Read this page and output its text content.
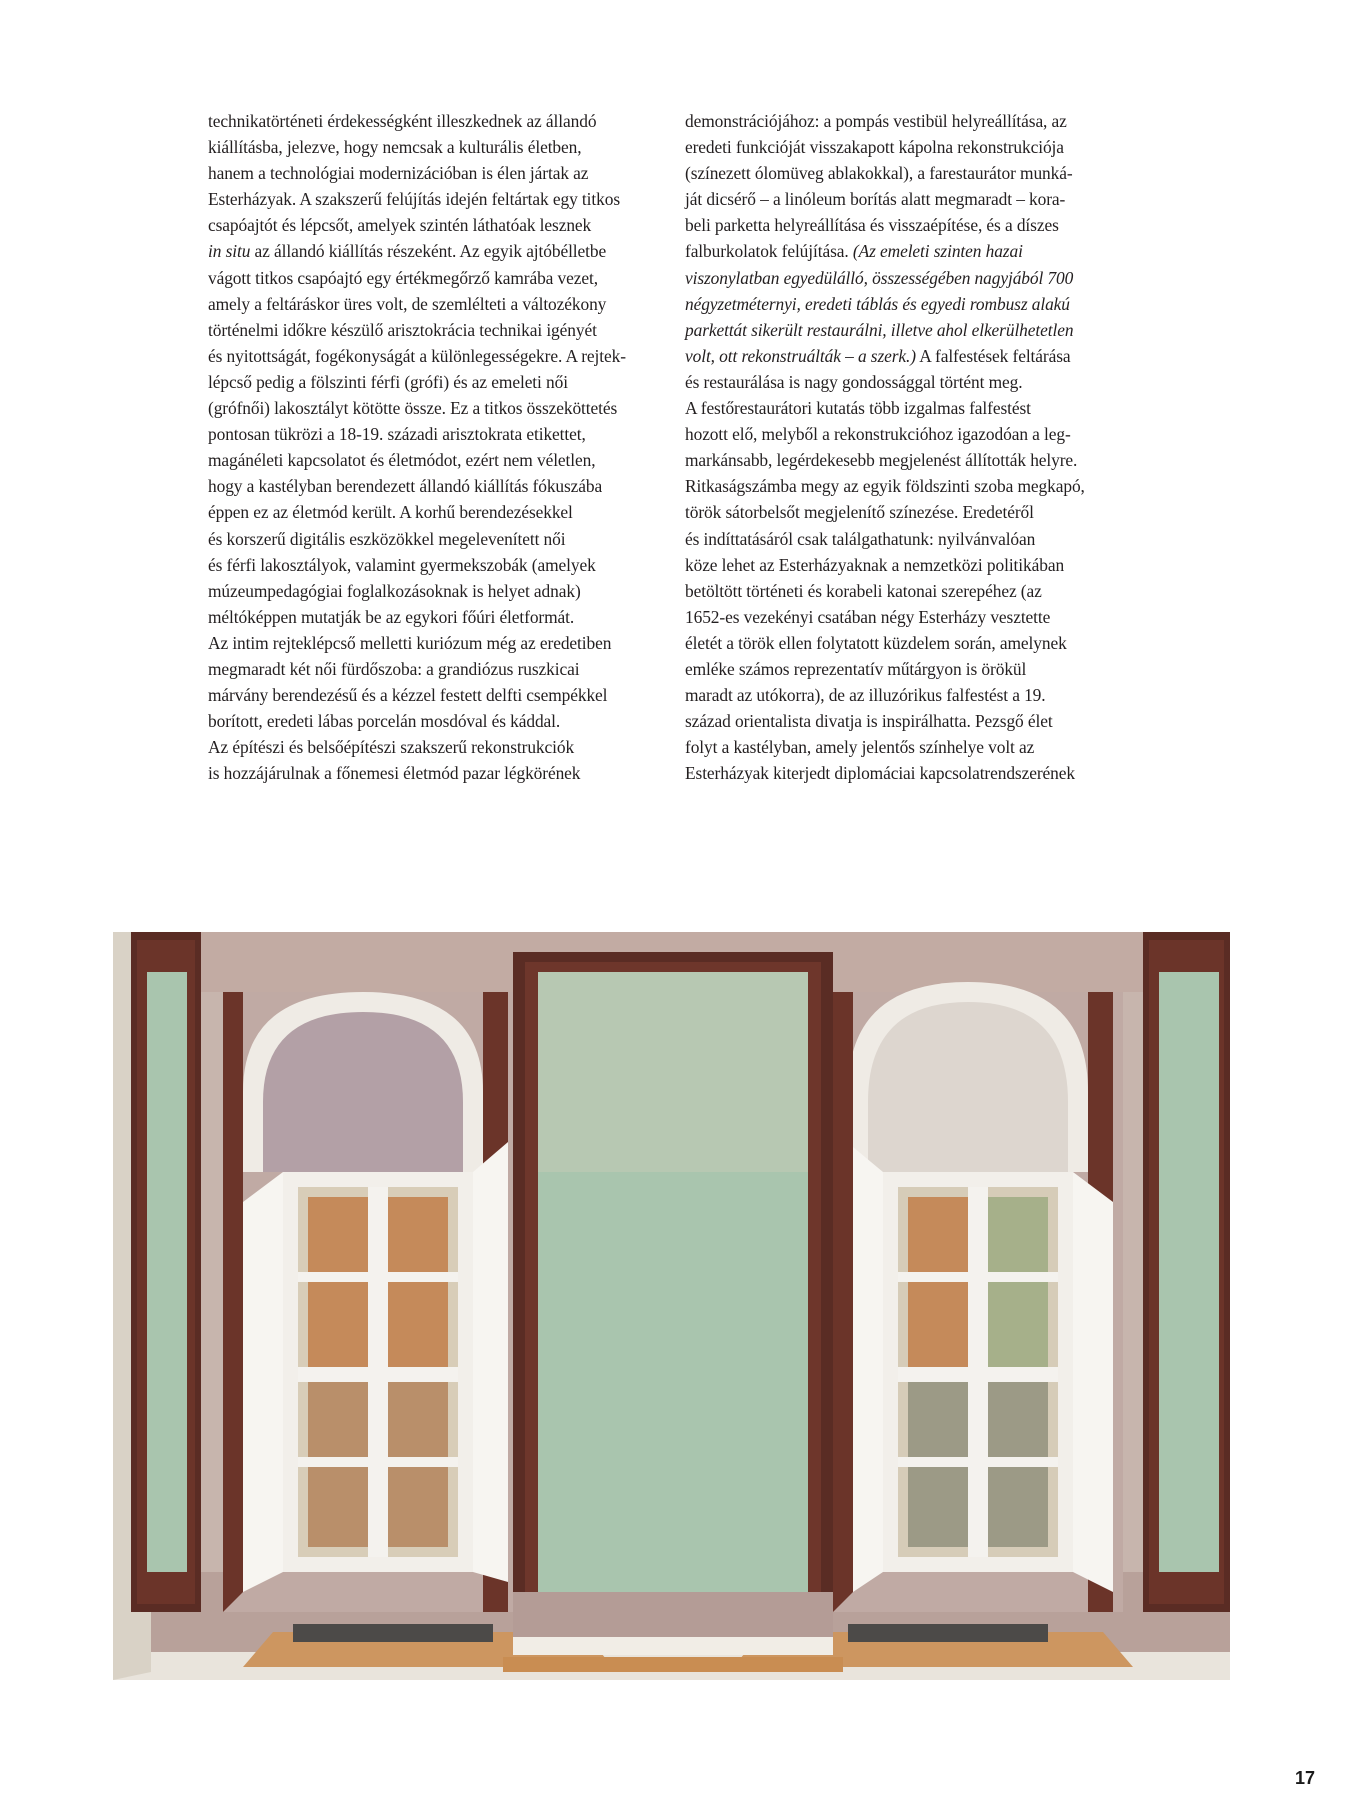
technikatörténeti érdekességként illeszkednek az állandó
kiállításba, jelezve, hogy nemcsak a kulturális életben,
hanem a technológiai modernizációban is élen jártak az
Esterházyak. A szakszerű felújítás idején feltártak egy titkos
csapóajtót és lépcsőt, amelyek szintén láthatóak lesznek
in situ az állandó kiállítás részeként. Az egyik ajtóbélletbe
vágott titkos csapóajtó egy értékmegőrző kamrába vezet,
amely a feltáráskor üres volt, de szemlélteti a változékony
történelmi időkre készülő arisztokrácia technikai igényét
és nyitottságát, fogékonyságát a különlegességekre. A rejtek-
lépcső pedig a fölszinti férfi (grófi) és az emeleti női
(grófnői) lakosztályt kötötte össze. Ez a titkos összeköttetés
pontosan tükrözi a 18-19. századi arisztokrata etikettet,
magánéleti kapcsolatot és életmódot, ezért nem véletlen,
hogy a kastélyban berendezett állandó kiállítás fókuszába
éppen ez az életmód került. A korhű berendezésekkel
és korszerű digitális eszközökkel megelevenített női
és férfi lakosztályok, valamint gyermekszobák (amelyek
múzeumpedagógiai foglalkozásoknak is helyet adnak)
méltóképpen mutatják be az egykori főúri életformát.
Az intim rejteklépcső melletti kuriózum még az eredetiben
megmaradt két női fürdőszoba: a grandiózus ruszkicai
márvány berendezésű és a kézzel festett delfti csempékkel
borított, eredeti lábas porcelán mosdóval és káddal.
Az építészi és belsőépítészi szakszerű rekonstrukciók
is hozzájárulnak a főnemesi életmód pazar légkörének
demonstrációjához: a pompás vestibül helyreállítása, az
eredeti funkcióját visszakapott kápolna rekonstrukciója
(színezett ólomüveg ablakokkal), a farestaurátor munká-
ját dicsérő – a linóleum borítás alatt megmaradt – kora-
beli parketta helyreállítása és visszaépítése, és a díszes
falburkolatok felújítása. (Az emeleti szinten hazai
viszonylatban egyedülálló, összességében nagyjából 700
négyzetméternyi, eredeti táblás és egyedi rombusz alakú
parkettát sikerült restaurálni, illetve ahol elkerülhetetlen
volt, ott rekonstruálták – a szerk.) A falfestések feltárása
és restaurálása is nagy gondossággal történt meg.
A festőrestaurátori kutatás több izgalmas falfestést
hozott elő, melyből a rekonstrukcióhoz igazodóan a leg-
markánsabb, legérdekesebb megjelenést állították helyre.
Ritkaságszámba megy az egyik földszinti szoba megkapó,
török sátorbelsőt megjelenítő színezése. Eredetéről
és indíttatásáról csak találgathatunk: nyilvánvalóan
köze lehet az Esterházyaknak a nemzetközi politikában
betöltött történeti és korabeli katonai szerepéhez (az
1652-es vezekényi csatában négy Esterházy vesztette
életét a török ellen folytatott küzdelem során, amelynek
emléke számos reprezentatív műtárgyon is örökül
maradt az utókorra), de az illuzórikus falfestést a 19.
század orientalista divatja is inspirálhatta. Pezsgő élet
folyt a kastélyban, amely jelentős színhelye volt az
Esterházyak kiterjedt diplomáciai kapcsolatrendszerének
17
